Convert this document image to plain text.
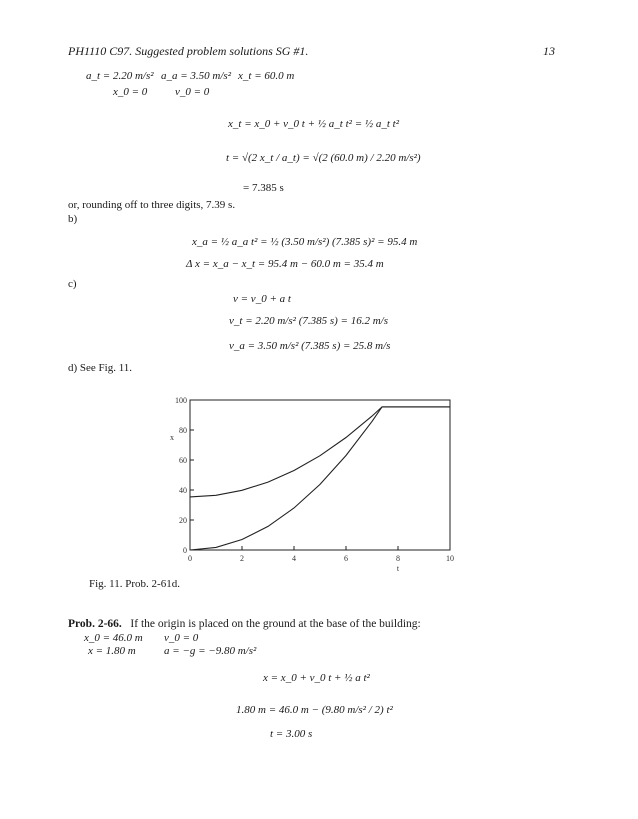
PH1110 C97. Suggested problem solutions SG #1.	13
a_t = 2.20 m/s² a_a = 3.50 m/s² x_t = 60.0 m
x_0 = 0	v_0 = 0
x_t = x_0 + v_0 t + ½ a_t t² = ½ a_t t²
t = √(2 x_t / a_t) = √(2 (60.0 m) / 2.20 m/s²)
= 7.385 s
or, rounding off to three digits, 7.39 s.
b)
x_a = ½ a_a t² = ½ (3.50 m/s²) (7.385 s)² = 95.4 m
Δ x = x_a − x_t = 95.4 m − 60.0 m = 35.4 m
c)
v = v_0 + a t
v_t = 2.20 m/s² (7.385 s) = 16.2 m/s
v_a = 3.50 m/s² (7.385 s) = 25.8 m/s
d) See Fig. 11.
0	2	4	6	8	10
0
20
40
60
80
100
t
x
Fig. 11. Prob. 2-61d.
Prob. 2-66. If the origin is placed on the ground at the base of the building:
x_0 = 46.0 m v_0 = 0
x = 1.80 m	a = −g = −9.80 m/s²
x = x_0 + v_0 t + ½ a t²
1.80 m = 46.0 m − (9.80 m/s² / 2) t²
t = 3.00 s
